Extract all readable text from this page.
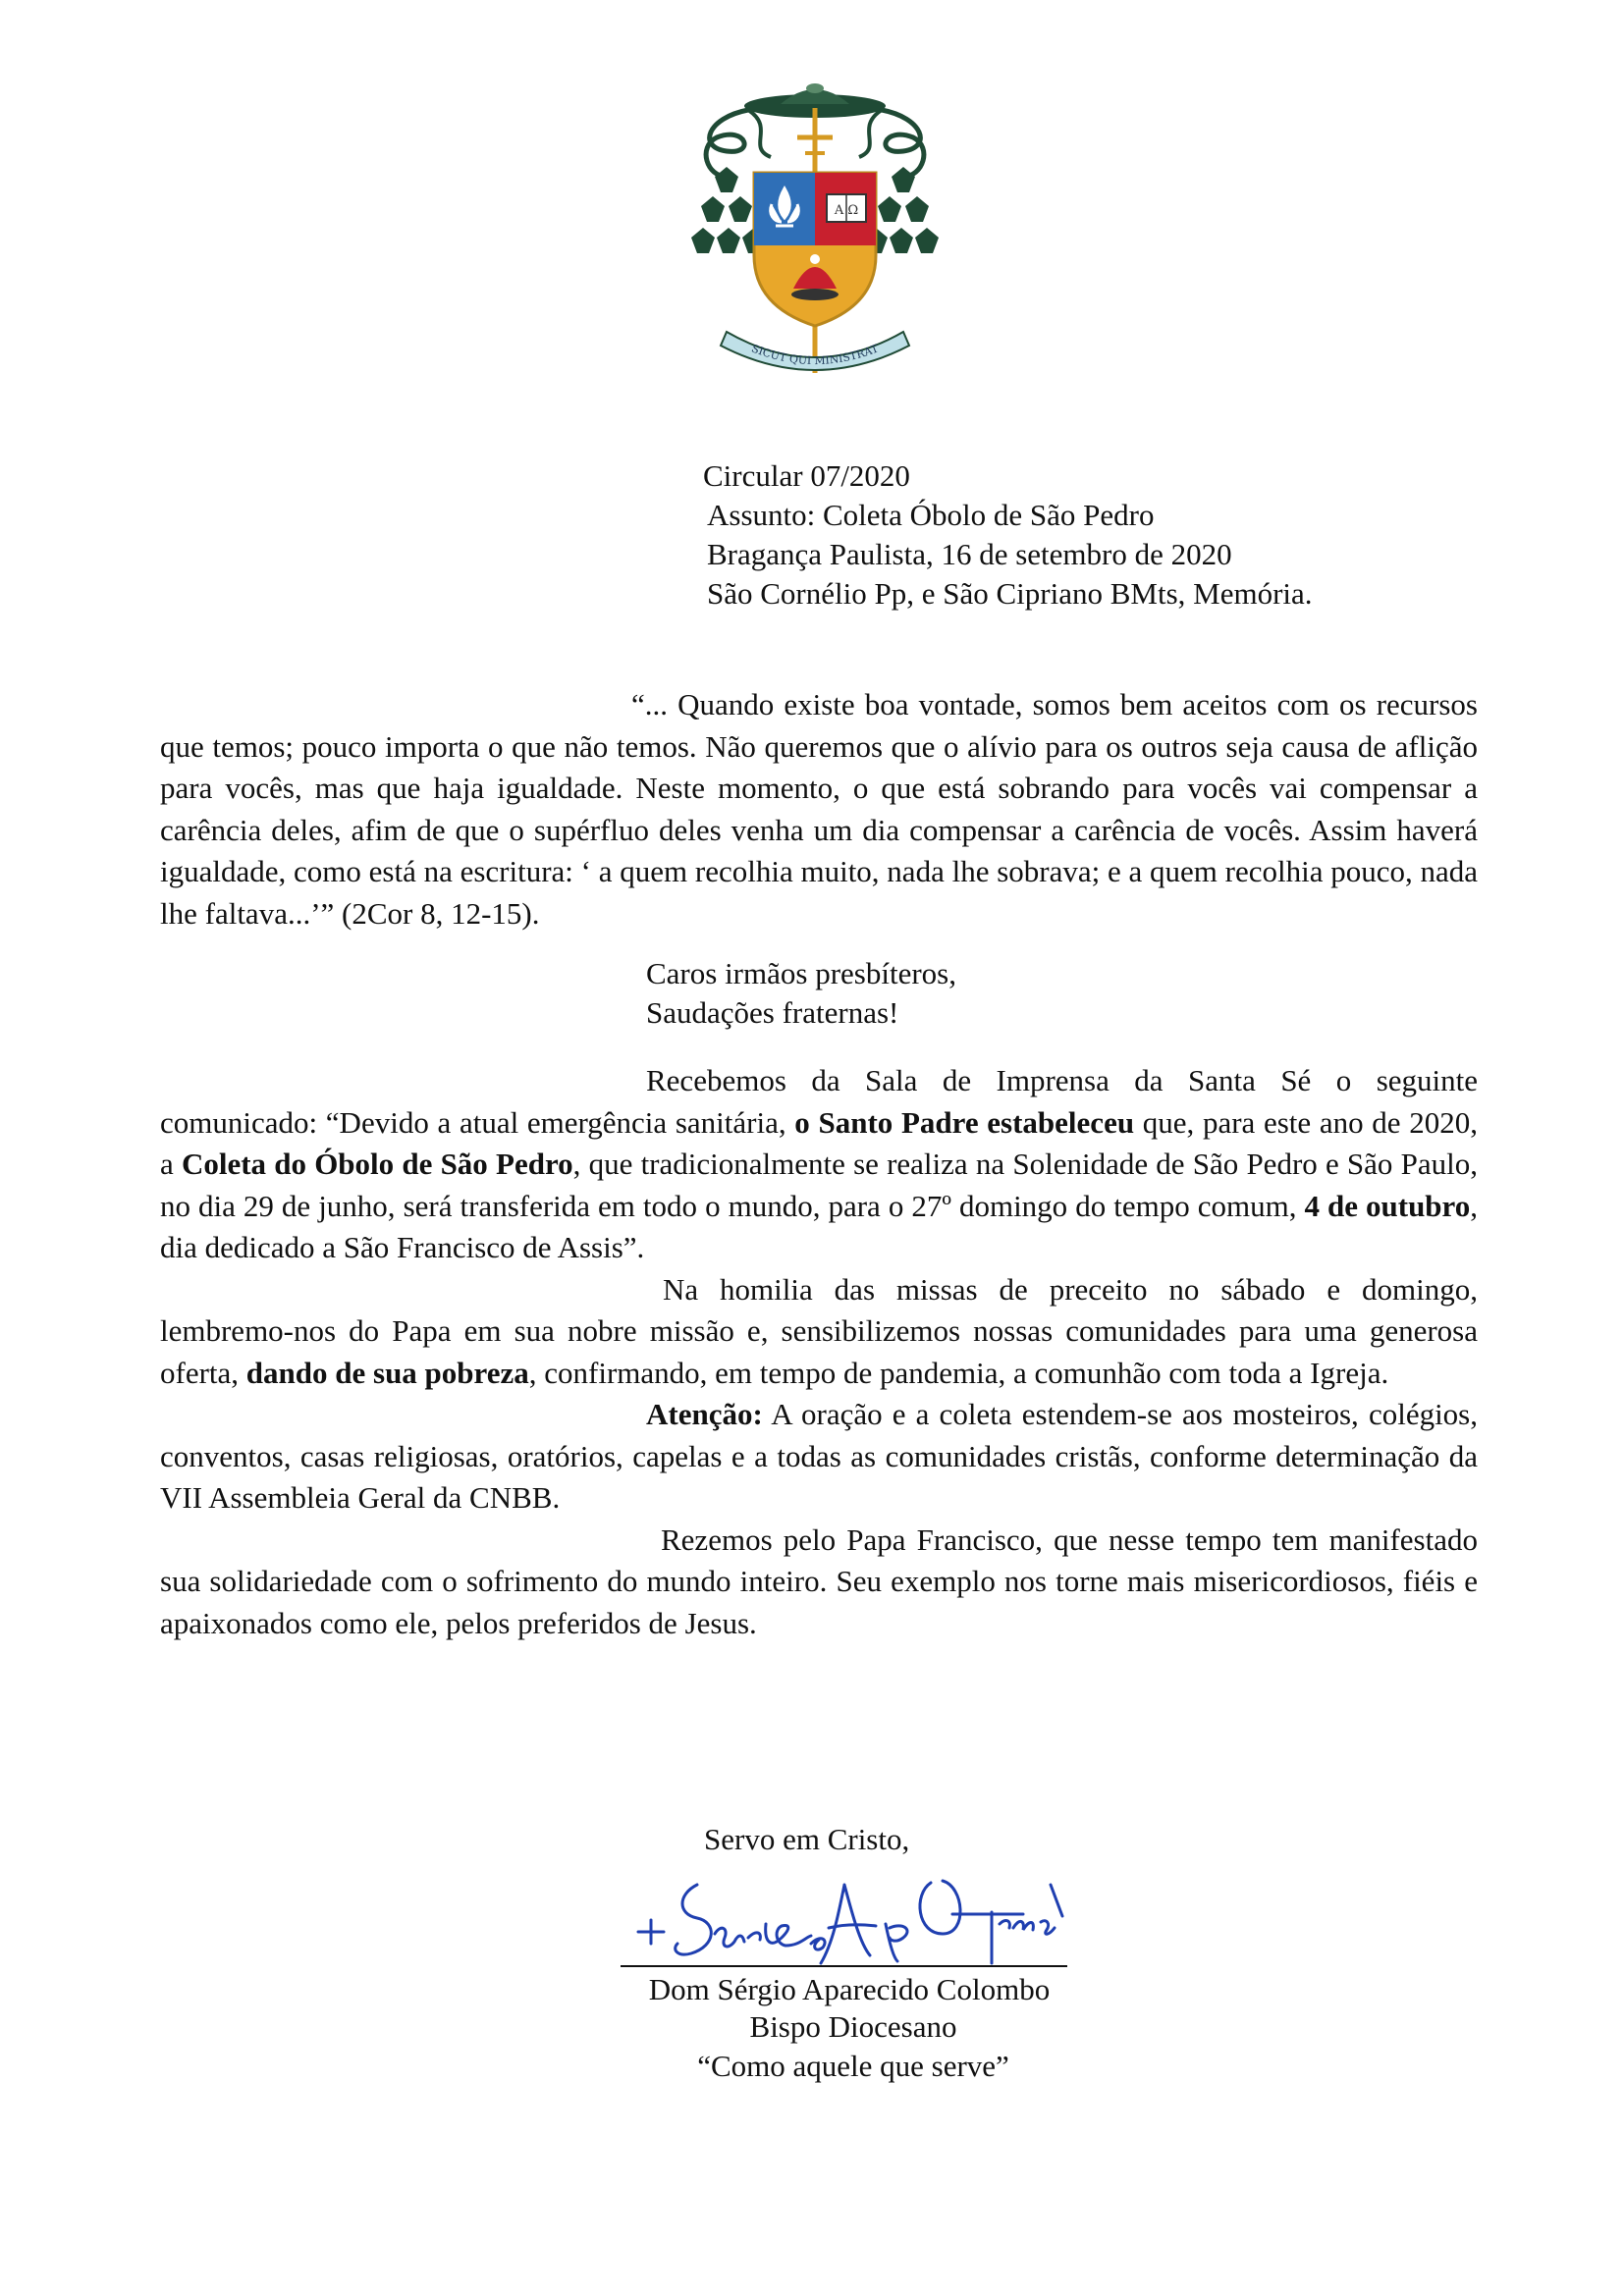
A Ω
SICUT QUI MINISTRAT
Circular 07/2020
Assunto: Coleta Óbolo de São Pedro
Bragança Paulista, 16 de setembro de 2020
São Cornélio Pp, e São Cipriano BMts, Memória.

“... Quando existe boa vontade, somos bem aceitos com os recursos que temos; pouco importa o que não temos. Não queremos que o alívio para os outros seja causa de aflição para vocês, mas que haja igualdade. Neste momento, o que está sobrando para vocês vai compensar a carência deles, afim de que o supérfluo deles venha um dia compensar a carência de vocês. Assim haverá igualdade, como está na escritura: ‘ a quem recolhia muito, nada lhe sobrava; e a quem recolhia pouco, nada lhe faltava...’” (2Cor 8, 12-15).

Caros irmãos presbíteros,
Saudações fraternas!

Recebemos da Sala de Imprensa da Santa Sé o seguinte comunicado: “Devido a atual emergência sanitária, o Santo Padre estabeleceu que, para este ano de 2020, a Coleta do Óbolo de São Pedro, que tradicionalmente se realiza na Solenidade de São Pedro e São Paulo, no dia 29 de junho, será transferida em todo o mundo, para o 27º domingo do tempo comum, 4 de outubro, dia dedicado a São Francisco de Assis”.

Na homilia das missas de preceito no sábado e domingo, lembremo-nos do Papa em sua nobre missão e, sensibilizemos nossas comunidades para uma generosa oferta, dando de sua pobreza, confirmando, em tempo de pandemia, a comunhão com toda a Igreja.

Atenção: A oração e a coleta estendem-se aos mosteiros, colégios, conventos, casas religiosas, oratórios, capelas e a todas as comunidades cristãs, conforme determinação da VII Assembleia Geral da CNBB.

Rezemos pelo Papa Francisco, que nesse tempo tem manifestado sua solidariedade com o sofrimento do mundo inteiro. Seu exemplo nos torne mais misericordiosos, fiéis e apaixonados como ele, pelos preferidos de Jesus.

Servo em Cristo,
Dom Sérgio Aparecido Colombo
Bispo Diocesano
“Como aquele que serve”
